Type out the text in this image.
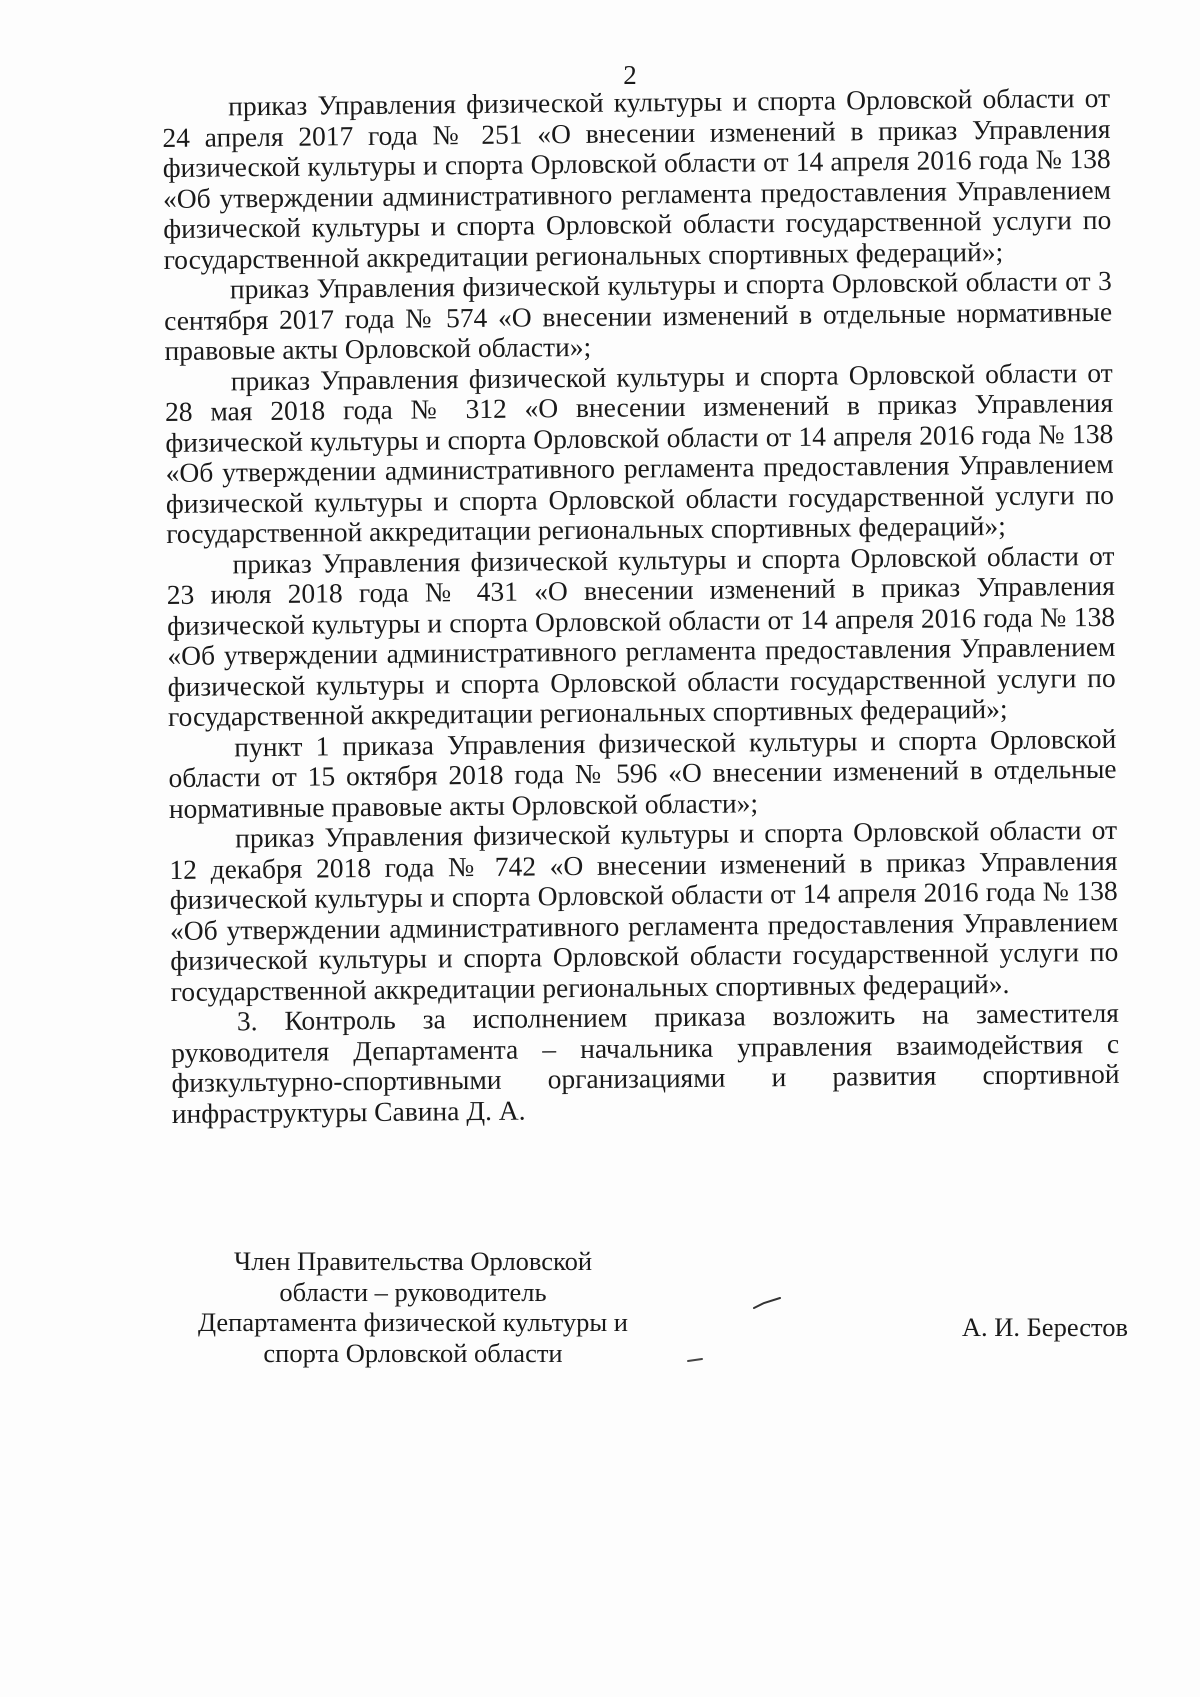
2

приказ Управления физической культуры и спорта Орловской области от 24 апреля 2017 года № 251 «О внесении изменений в приказ Управления физической культуры и спорта Орловской области от 14 апреля 2016 года № 138 «Об утверждении административного регламента предоставления Управлением физической культуры и спорта Орловской области государственной услуги по государственной аккредитации региональных спортивных федераций»;

приказ Управления физической культуры и спорта Орловской области от 3 сентября 2017 года № 574 «О внесении изменений в отдельные нормативные правовые акты Орловской области»;

приказ Управления физической культуры и спорта Орловской области от 28 мая 2018 года № 312 «О внесении изменений в приказ Управления физической культуры и спорта Орловской области от 14 апреля 2016 года № 138 «Об утверждении административного регламента предоставления Управлением физической культуры и спорта Орловской области государственной услуги по государственной аккредитации региональных спортивных федераций»;

приказ Управления физической культуры и спорта Орловской области от 23 июля 2018 года № 431 «О внесении изменений в приказ Управления физической культуры и спорта Орловской области от 14 апреля 2016 года № 138 «Об утверждении административного регламента предоставления Управлением физической культуры и спорта Орловской области государственной услуги по государственной аккредитации региональных спортивных федераций»;

пункт 1 приказа Управления физической культуры и спорта Орловской области от 15 октября 2018 года № 596 «О внесении изменений в отдельные нормативные правовые акты Орловской области»;

приказ Управления физической культуры и спорта Орловской области от 12 декабря 2018 года № 742 «О внесении изменений в приказ Управления физической культуры и спорта Орловской области от 14 апреля 2016 года № 138 «Об утверждении административного регламента предоставления Управлением физической культуры и спорта Орловской области государственной услуги по государственной аккредитации региональных спортивных федераций».

3. Контроль за исполнением приказа возложить на заместителя руководителя Департамента – начальника управления взаимодействия с физкультурно-спортивными организациями и развития спортивной инфраструктуры Савина Д. А.

Член Правительства Орловской
области – руководитель
Департамента физической культуры и
спорта Орловской области
А. И. Берестов
